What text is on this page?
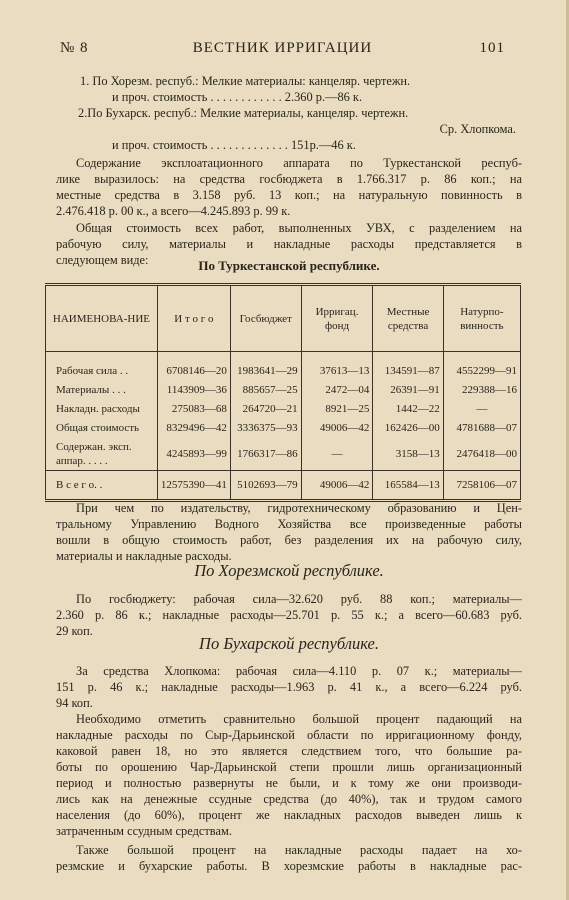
№ 8	ВЕСТНИК ИРРИГАЦИИ	101
1. По Хорезм. респуб.: Мелкие материалы: канцеляр. чертежн.
и проч. стоимость . . . . . . . . . . . . 2.360 р.—86 к.
2.По Бухарск. респуб.: Мелкие материалы, канцеляр. чертежн.
Ср. Хлопкома.
и проч. стоимость . . . . . . . . . . . . . 151р.—46 к.
Содержание эксплоатационного аппарата по Туркестанской респуб-
лике выразилось: на средства госбюджета в 1.766.317 р. 86 коп.; на
местные средства в 3.158 руб. 13 коп.; на натуральную повинность в
2.476.418 р. 00 к., а всего—4.245.893 р. 99 к.
Общая стоимость всех работ, выполненных УВХ, с разделением на
рабочую силу, материалы и накладные расходы представляется в
следующем виде:	По Туркестанской республике.
НАИМЕНОВА-НИЕ	И т о г о	Госбюджет	Ирригац. фонд	Местные средства	Натурпо-винность
Рабочая сила . .	6708146—20	1983641—29	37613—13	134591—87	4552299—91
Материалы . . .	1143909—36	885657—25	2472—04	26391—91	229388—16
Накладн. расходы	275083—68	264720—21	8921—25	1442—22	—
Общая стоимость	8329496—42	3336375—93	49006—42	162426—00	4781688—07
Содержан. эксп. аппар. . . . .	4245893—99	1766317—86	—	3158—13	2476418—00
В с е г о. .	12575390—41	5102693—79	49006—42	165584—13	7258106—07
При чем по издательству, гидротехническому образованию и Цен-
тральному Управлению Водного Хозяйства все произведенные работы
вошли в общую стоимость работ, без разделения их на рабочую силу,
материалы и накладные расходы.
По Хорезмской республике.
По госбюджету: рабочая сила—32.620 руб. 88 коп.; материалы—
2.360 р. 86 к.; накладные расходы—25.701 р. 55 к.; а всего—60.683 руб.
29 коп.
По Бухарской республике.
За средства Хлопкома: рабочая сила—4.110 р. 07 к.; материалы—
151 р. 46 к.; накладные расходы—1.963 р. 41 к., а всего—6.224 руб.
94 коп.
Необходимо отметить сравнительно большой процент падающий на
накладные расходы по Сыр-Дарьинской области по ирригационному фонду,
каковой равен 18, но это является следствием того, что большие ра-
боты по орошению Чар-Дарьинской степи прошли лишь организационный
период и полностью развернуты не были, и к тому же они производи-
лись как на денежные ссудные средства (до 40%), так и трудом самого
населения (до 60%), процент же накладных расходов выведен лишь к
затраченным ссудным средствам.
Также большой процент на накладные расходы падает на хо-
резмские и бухарские работы. В хорезмские работы в накладные рас-
